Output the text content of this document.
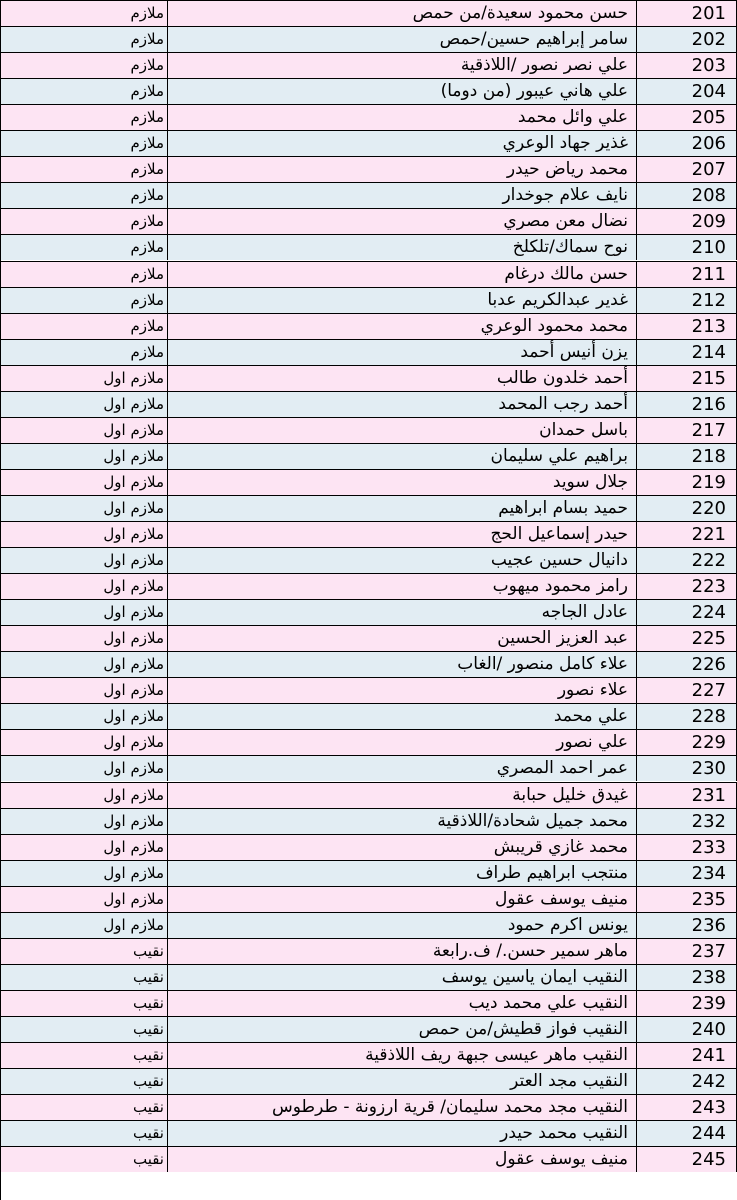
ملازم	حسن محمود سعيدة/من حمص	201
ملازم	سامر إبراهيم حسين/حمص	202
ملازم	علي نصر نصور /اللاذقية	203
ملازم	علي هاني عيبور (من دوما)	204
ملازم	علي وائل محمد	205
ملازم	غذير جهاد الوعري	206
ملازم	محمد رياض حيدر	207
ملازم	نايف علام جوخدار	208
ملازم	نضال معن مصري	209
ملازم	نوح سماك/تلكلخ	210
ملازم	حسن مالك درغام	211
ملازم	غدير عبدالكريم عدبا	212
ملازم	محمد محمود الوعري	213
ملازم	يزن أنيس أحمد	214
ملازم اول	أحمد خلدون طالب	215
ملازم اول	أحمد رجب المحمد	216
ملازم اول	باسل حمدان	217
ملازم اول	براهيم علي سليمان	218
ملازم اول	جلال سويد	219
ملازم اول	حميد بسام ابراهيم	220
ملازم اول	حيدر إسماعيل الحج	221
ملازم اول	دانيال حسين عجيب	222
ملازم اول	رامز محمود ميهوب	223
ملازم اول	عادل الجاجه	224
ملازم اول	عبد العزيز الحسين	225
ملازم اول	علاء كامل منصور /الغاب	226
ملازم اول	علاء نصور	227
ملازم اول	علي محمد	228
ملازم اول	علي نصور	229
ملازم اول	عمر احمد المصري	230
ملازم اول	غيدق خليل حبابة	231
ملازم اول	محمد جميل شحادة/اللاذقية	232
ملازم اول	محمد غازي قريبش	233
ملازم اول	منتجب ابراهيم طراف	234
ملازم اول	منيف يوسف عقول	235
ملازم اول	يونس اكرم حمود	236
نقيب	ماهر سمير حسن./ ف.رابعة	237
نقيب	النقيب ايمان ياسين يوسف	238
نقيب	النقيب علي محمد ديب	239
نقيب	النقيب فواز قطيش/من حمص	240
نقيب	النقيب ماهر عيسى جبهة ريف اللاذقية	241
نقيب	النقيب مجد العتر	242
نقيب	النقيب مجد محمد سليمان/ قرية ارزونة - طرطوس	243
نقيب	النقيب محمد حيدر	244
نقيب	منيف يوسف عقول	245
